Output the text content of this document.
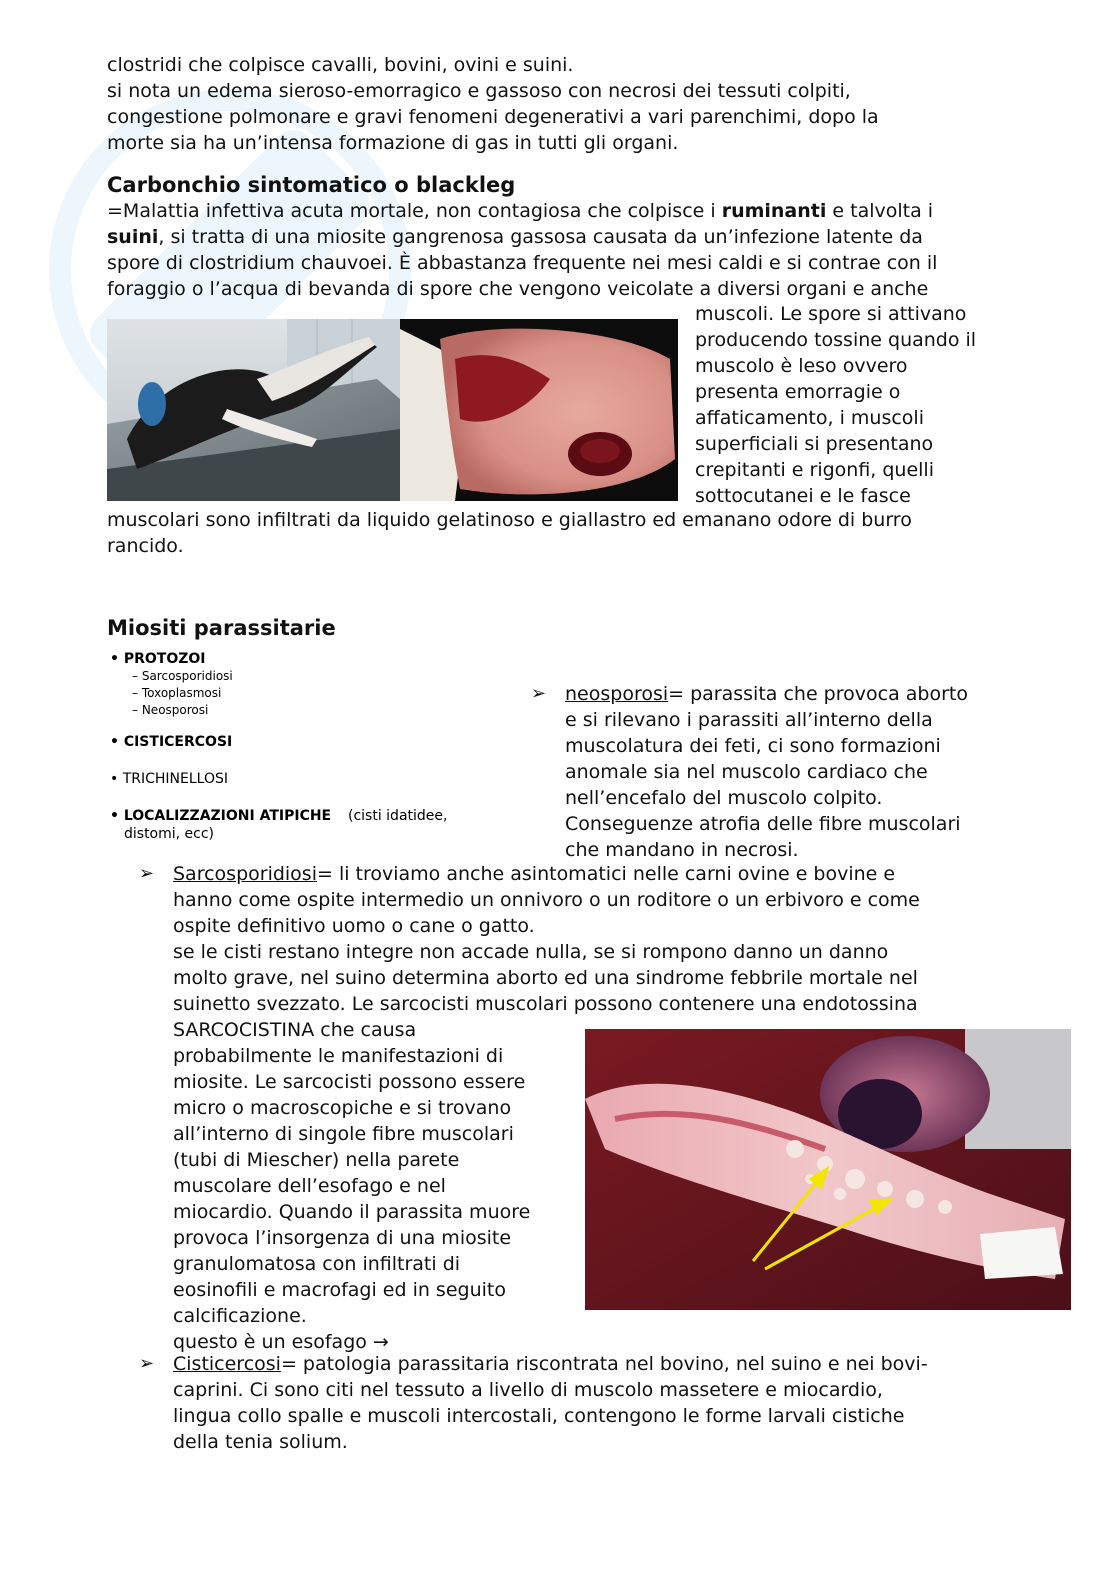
clostridi che colpisce cavalli, bovini, ovini e suini.

si nota un edema sieroso-emorragico e gassoso con necrosi dei tessuti colpiti,

congestione polmonare e gravi fenomeni degenerativi a vari parenchimi, dopo la

morte sia ha un’intensa formazione di gas in tutti gli organi.

Carbonchio sintomatico o blackleg

=Malattia infettiva acuta mortale, non contagiosa che colpisce i ruminanti e talvolta i

suini, si tratta di una miosite gangrenosa gassosa causata da un’infezione latente da

spore di clostridium chauvoei. È abbastanza frequente nei mesi caldi e si contrae con il

foraggio o l’acqua di bevanda di spore che vengono veicolate a diversi organi e anche

muscoli. Le spore si attivano

producendo tossine quando il

muscolo è leso ovvero

presenta emorragie o

affaticamento, i muscoli

superficiali si presentano

crepitanti e rigonfi, quelli

sottocutanei e le fasce

muscolari sono infiltrati da liquido gelatinoso e giallastro ed emanano odore di burro

rancido.

Miositi parassitarie
• PROTOZOI
– Sarcosporidiosi
– Toxoplasmosi
– Neosporosi
• CISTICERCOSI
• TRICHINELLOSI
• LOCALIZZAZIONI ATIPICHE (cisti idatidee,
distomi, ecc)
➢ neosporosi= parassita che provoca aborto

e si rilevano i parassiti all’interno della

muscolatura dei feti, ci sono formazioni

anomale sia nel muscolo cardiaco che

nell’encefalo del muscolo colpito.

Conseguenze atrofia delle fibre muscolari

che mandano in necrosi.

➢ Sarcosporidiosi= li troviamo anche asintomatici nelle carni ovine e bovine e

hanno come ospite intermedio un onnivoro o un roditore o un erbivoro e come

ospite definitivo uomo o cane o gatto.

se le cisti restano integre non accade nulla, se si rompono danno un danno

molto grave, nel suino determina aborto ed una sindrome febbrile mortale nel

suinetto svezzato. Le sarcocisti muscolari possono contenere una endotossina

SARCOCISTINA che causa

probabilmente le manifestazioni di

miosite. Le sarcocisti possono essere

micro o macroscopiche e si trovano

all’interno di singole fibre muscolari

(tubi di Miescher) nella parete

muscolare dell’esofago e nel

miocardio. Quando il parassita muore

provoca l’insorgenza di una miosite

granulomatosa con infiltrati di

eosinofili e macrofagi ed in seguito

calcificazione.

questo è un esofago →

➢ Cisticercosi= patologia parassitaria riscontrata nel bovino, nel suino e nei bovi-

caprini. Ci sono citi nel tessuto a livello di muscolo massetere e miocardio,

lingua collo spalle e muscoli intercostali, contengono le forme larvali cistiche

della tenia solium.
